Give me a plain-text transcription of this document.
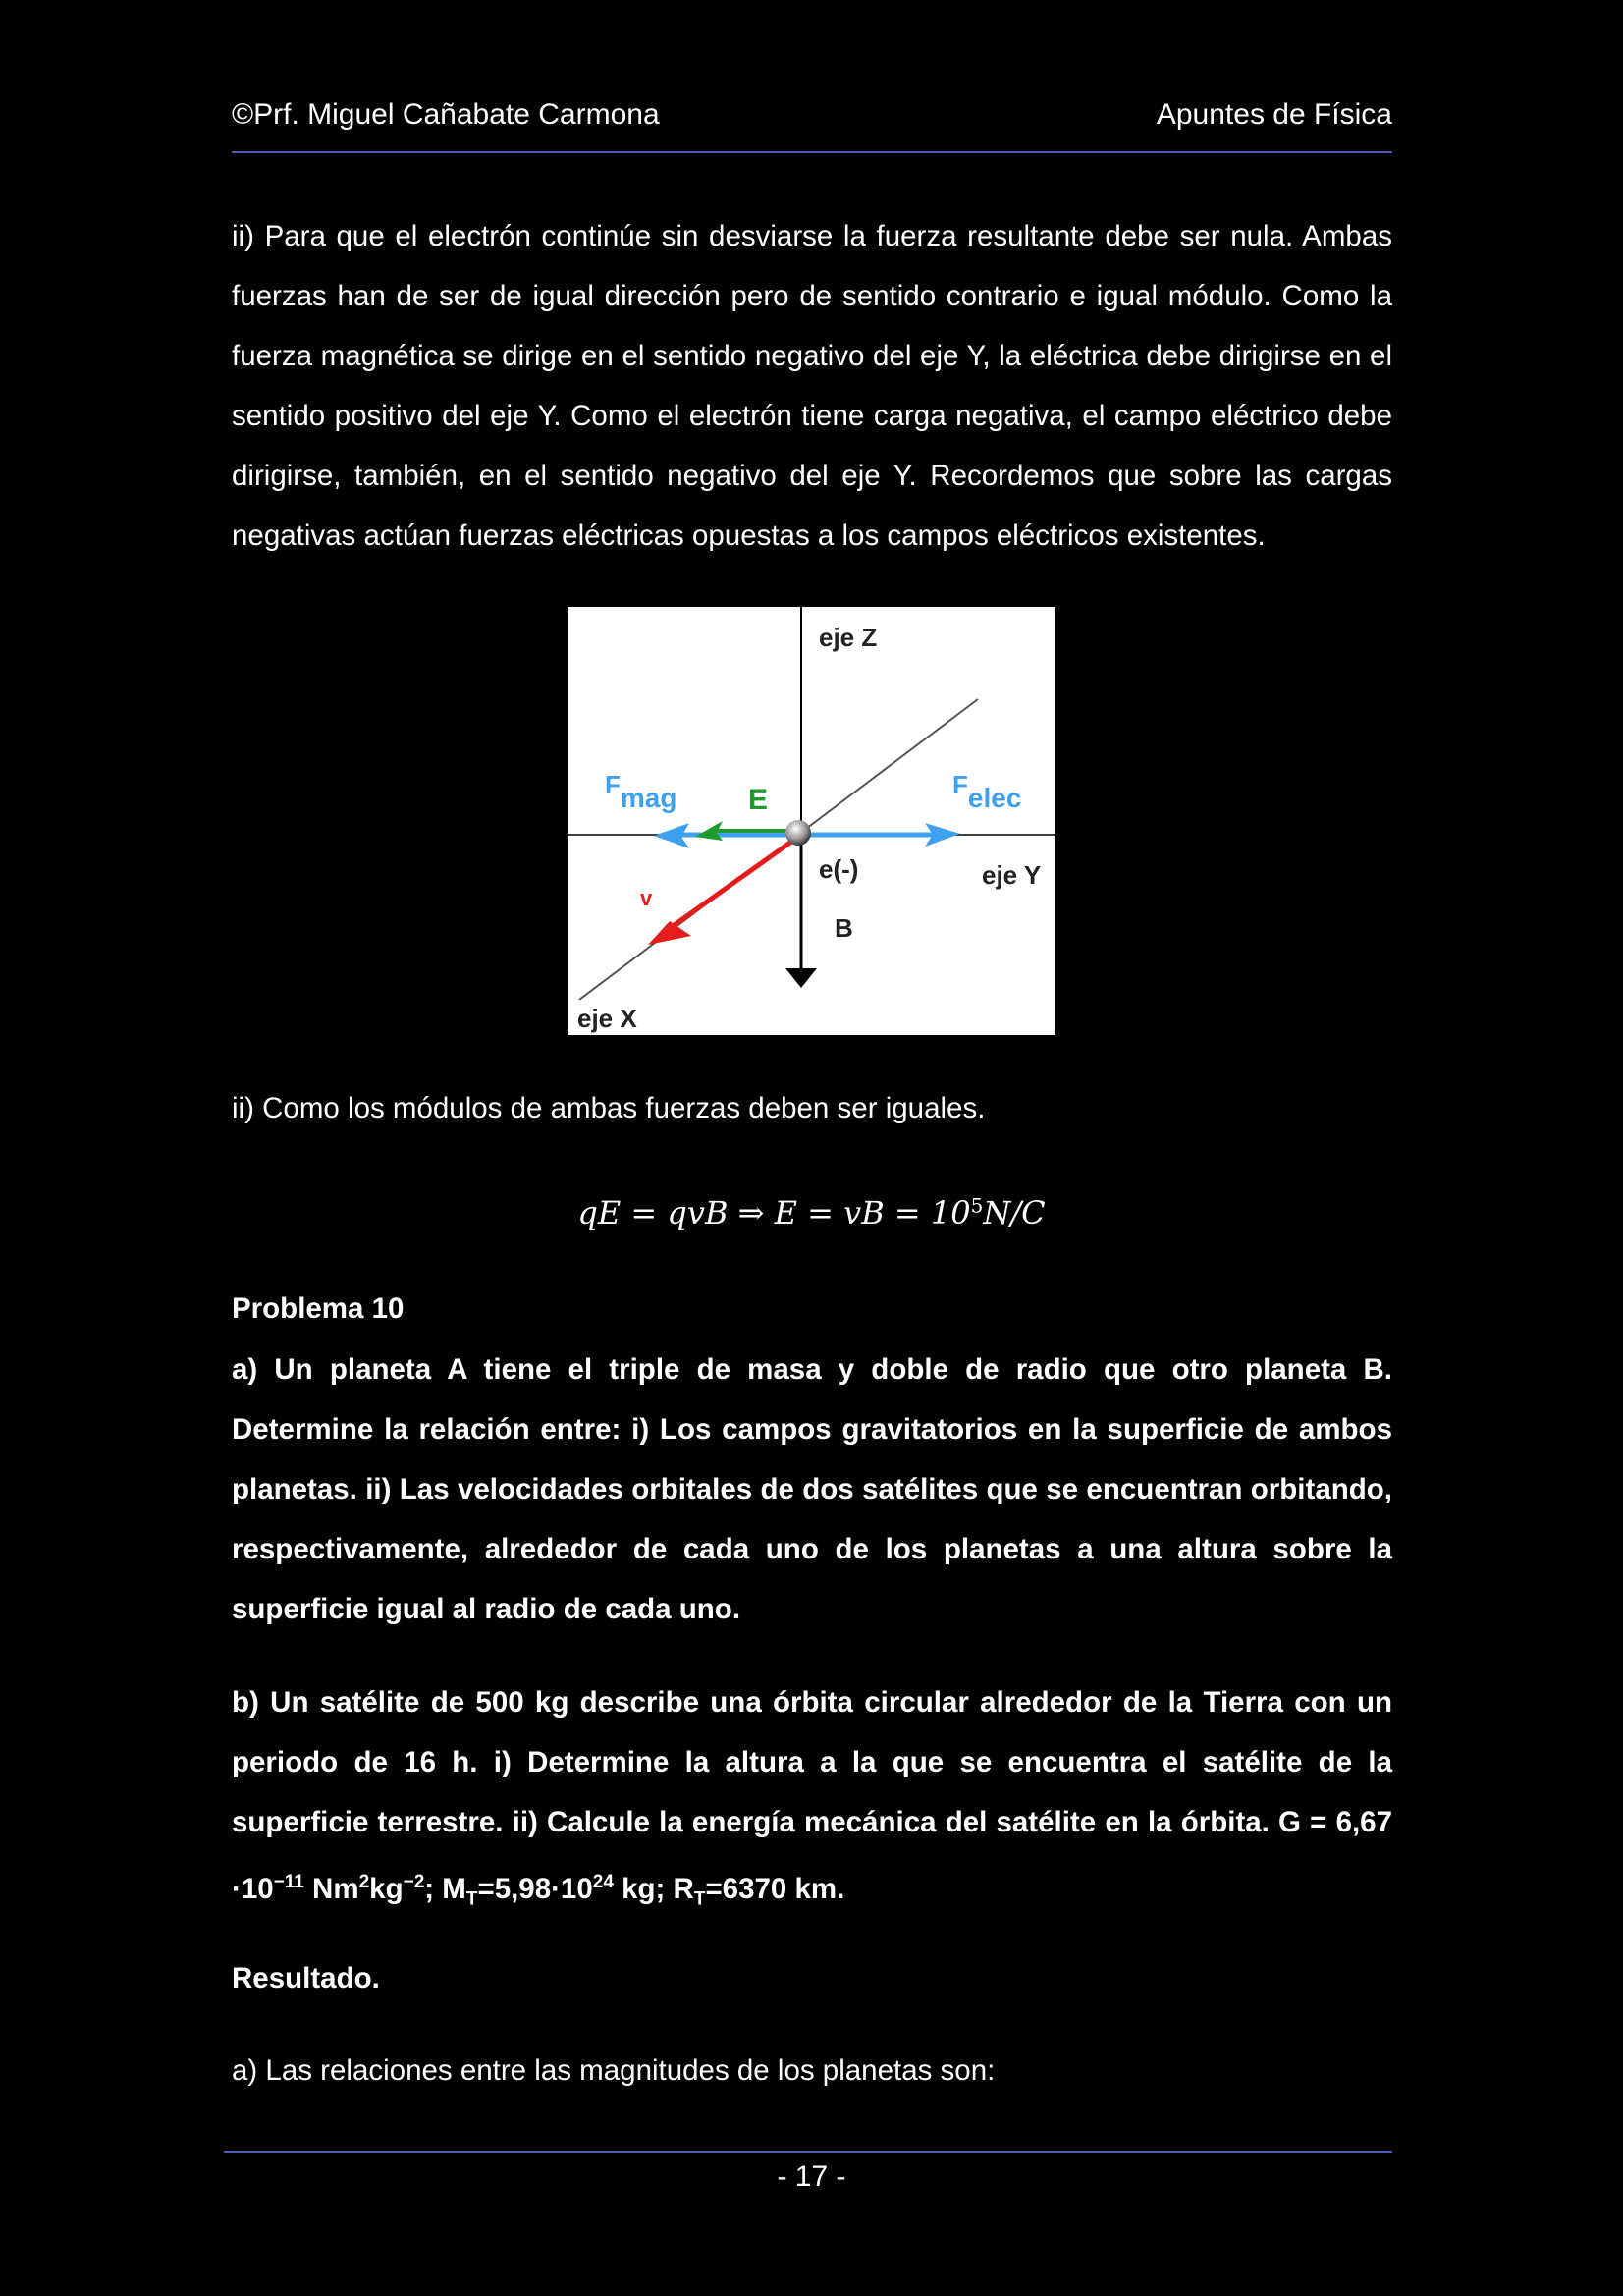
©Prf. Miguel Cañabate Carmona	Apuntes de Física

ii) Para que el electrón continúe sin desviarse la fuerza resultante debe ser nula. Ambas fuerzas han de ser de igual dirección pero de sentido contrario e igual módulo. Como la fuerza magnética se dirige en el sentido negativo del eje Y, la eléctrica debe dirigirse en el sentido positivo del eje Y. Como el electrón tiene carga negativa, el campo eléctrico debe dirigirse, también, en el sentido negativo del eje Y. Recordemos que sobre las cargas negativas actúan fuerzas eléctricas opuestas a los campos eléctricos existentes.

eje Z
eje Y
eje X
e(-)
B
v
E
Fmag	Felec

ii) Como los módulos de ambas fuerzas deben ser iguales.

qE = qvB ⇒ E = vB = $10^5N/C$

Problema 10

a) Un planeta A tiene el triple de masa y doble de radio que otro planeta B. Determine la relación entre: i) Los campos gravitatorios en la superficie de ambos planetas. ii) Las velocidades orbitales de dos satélites que se encuentran orbitando, respectivamente, alrededor de cada uno de los planetas a una altura sobre la superficie igual al radio de cada uno.

b) Un satélite de 500 kg describe una órbita circular alrededor de la Tierra con un periodo de 16 h. i) Determine la altura a la que se encuentra el satélite de la superficie terrestre. ii) Calcule la energía mecánica del satélite en la órbita. $G = 6,67 \cdot 10^{-11}$ $Nm^2kg^{-2}$; $M_T=5,98\cdot 10^{24}$ kg; $R_T=6370$ km.

Resultado.

a) Las relaciones entre las magnitudes de los planetas son:

- 17 -
